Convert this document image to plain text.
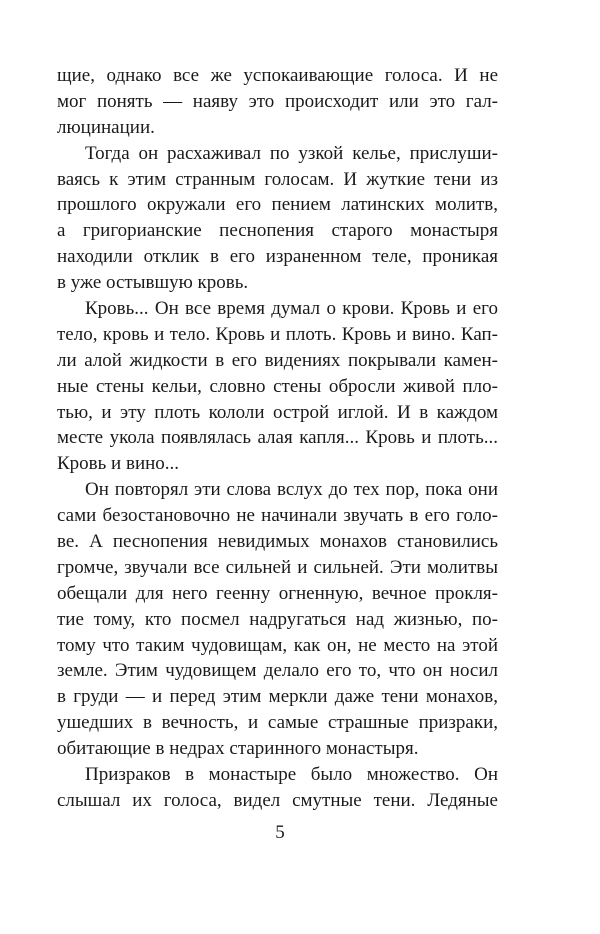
щие, однако все же успокаивающие голоса. И не
мог понять — наяву это происходит или это гал-
люцинации.
Тогда он расхаживал по узкой келье, прислуши-
ваясь к этим странным голосам. И жуткие тени из
прошлого окружали его пением латинских молитв,
а григорианские песнопения старого монастыря
находили отклик в его израненном теле, проникая
в уже остывшую кровь.
Кровь... Он все время думал о крови. Кровь и его
тело, кровь и тело. Кровь и плоть. Кровь и вино. Кап-
ли алой жидкости в его видениях покрывали камен-
ные стены кельи, словно стены обросли живой пло-
тью, и эту плоть кололи острой иглой. И в каждом
месте укола появлялась алая капля... Кровь и плоть...
Кровь и вино...
Он повторял эти слова вслух до тех пор, пока они
сами безостановочно не начинали звучать в его голо-
ве. А песнопения невидимых монахов становились
громче, звучали все сильней и сильней. Эти молитвы
обещали для него геенну огненную, вечное прокля-
тие тому, кто посмел надругаться над жизнью, по-
тому что таким чудовищам, как он, не место на этой
земле. Этим чудовищем делало его то, что он носил
в груди — и перед этим меркли даже тени монахов,
ушедших в вечность, и самые страшные призраки,
обитающие в недрах старинного монастыря.
Призраков в монастыре было множество. Он
слышал их голоса, видел смутные тени. Ледяные
5
